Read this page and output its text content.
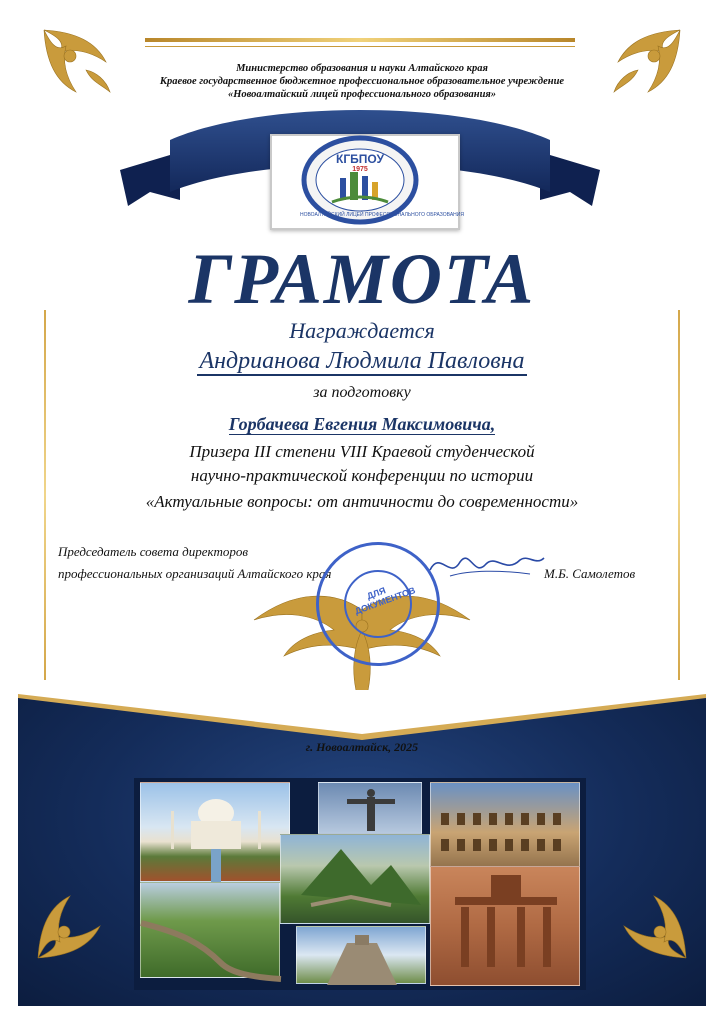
Министерство образования и науки Алтайского края
Краевое государственное бюджетное профессиональное образовательное учреждение
«Новоалтайский лицей профессионального образования»
КГБПОУ
1975
НОВОАЛТАЙСКИЙ ЛИЦЕЙ ПРОФЕССИОНАЛЬНОГО ОБРАЗОВАНИЯ
ГРАМОТА
Награждается
Андрианова Людмила Павловна
за подготовку
Горбачева Евгения Максимовича,
Призера III степени VIII Краевой студенческой
научно-практической конференции по истории
«Актуальные вопросы: от античности до современности»
Председатель совета директоров
профессиональных организаций Алтайского края	М.Б. Самолетов
ДЛЯ ДОКУМЕНТОВ
г. Новоалтайск, 2025
